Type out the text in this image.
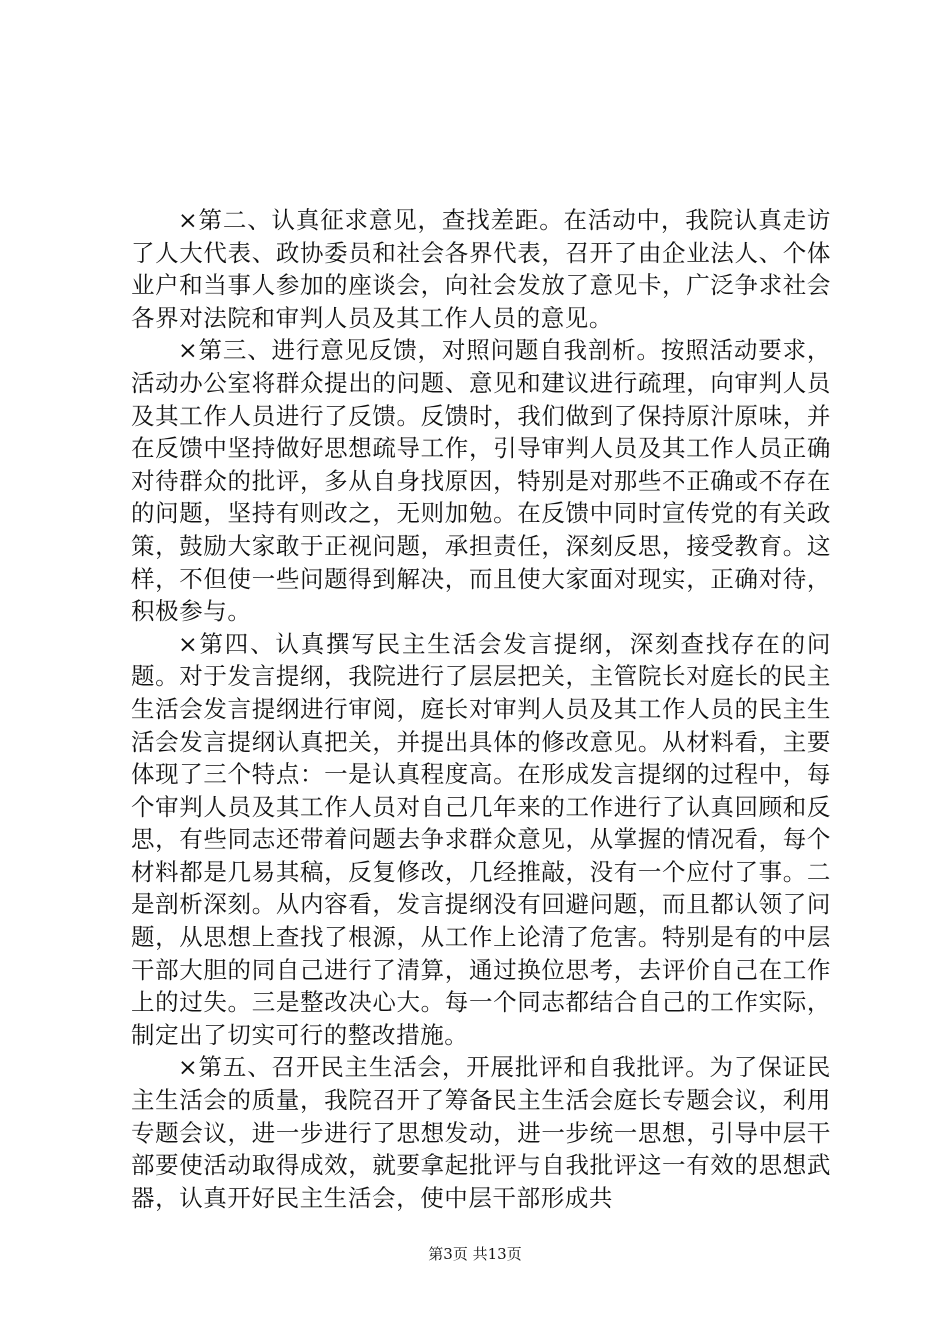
×第二、认真征求意见，查找差距。在活动中，我院认真走访了人大代表、政协委员和社会各界代表，召开了由企业法人、个体业户和当事人参加的座谈会，向社会发放了意见卡，广泛争求社会各界对法院和审判人员及其工作人员的意见。

×第三、进行意见反馈，对照问题自我剖析。按照活动要求，活动办公室将群众提出的问题、意见和建议进行疏理，向审判人员及其工作人员进行了反馈。反馈时，我们做到了保持原汁原味，并在反馈中坚持做好思想疏导工作，引导审判人员及其工作人员正确对待群众的批评，多从自身找原因，特别是对那些不正确或不存在的问题，坚持有则改之，无则加勉。在反馈中同时宣传党的有关政策，鼓励大家敢于正视问题，承担责任，深刻反思，接受教育。这样，不但使一些问题得到解决，而且使大家面对现实，正确对待，积极参与。

×第四、认真撰写民主生活会发言提纲，深刻查找存在的问题。对于发言提纲，我院进行了层层把关，主管院长对庭长的民主生活会发言提纲进行审阅，庭长对审判人员及其工作人员的民主生活会发言提纲认真把关，并提出具体的修改意见。从材料看，主要体现了三个特点：一是认真程度高。在形成发言提纲的过程中，每个审判人员及其工作人员对自己几年来的工作进行了认真回顾和反思，有些同志还带着问题去争求群众意见，从掌握的情况看，每个材料都是几易其稿，反复修改，几经推敲，没有一个应付了事。二是剖析深刻。从内容看，发言提纲没有回避问题，而且都认领了问题，从思想上查找了根源，从工作上论清了危害。特别是有的中层干部大胆的同自己进行了清算，通过换位思考，去评价自己在工作上的过失。三是整改决心大。每一个同志都结合自己的工作实际，制定出了切实可行的整改措施。

×第五、召开民主生活会，开展批评和自我批评。为了保证民主生活会的质量，我院召开了筹备民主生活会庭长专题会议，利用专题会议，进一步进行了思想发动，进一步统一思想，引导中层干部要使活动取得成效，就要拿起批评与自我批评这一有效的思想武器，认真开好民主生活会，使中层干部形成共

第3页 共13页
